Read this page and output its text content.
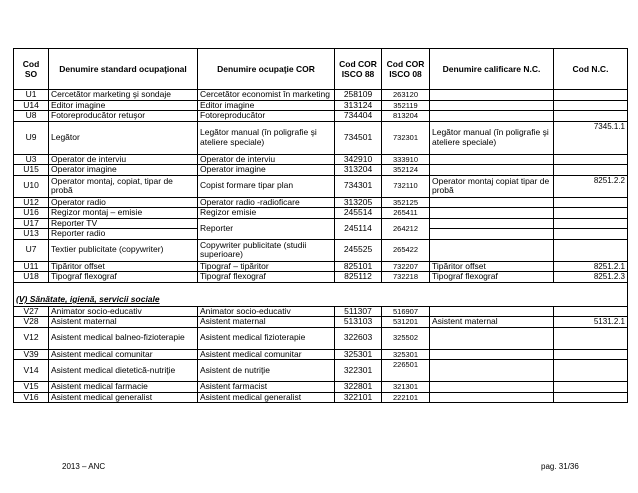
Cod SO	Denumire standard ocupaţional	Denumire ocupaţie COR	Cod COR ISCO 88	Cod COR ISCO 08	Denumire calificare N.C.	Cod N.C.
U1	Cercetător marketing şi sondaje	Cercetător economist în marketing	258109	263120		
U14	Editor imagine	Editor imagine	313124	352119		
U8	Fotoreproducător retuşor	Fotoreproducător	734404	813204		
U9	Legător	Legător manual (în poligrafie şi ateliere speciale)	734501	732301	Legător manual (în poligrafie şi ateliere speciale)	7345.1.1
U3	Operator de interviu	Operator de interviu	342910	333910		
U15	Operator imagine	Operator imagine	313204	352124		
U10	Operator montaj, copiat, tipar de probă	Copist formare tipar plan	734301	732110	Operator montaj copiat tipar de probă	8251.2.2
U12	Operator radio	Operator radio -radioficare	313205	352125		
U16	Regizor montaj – emisie	Regizor emisie	245514	265411		
U17	Reporter TV	Reporter	245114	264212		
U13	Reporter radio					
U7	Textier publicitate (copywriter)	Copywriter publicitate (studii superioare)	245525	265422		
U11	Tipăritor offset	Tipograf – tipăritor	825101	732207	Tipăritor offset	8251.2.1
U18	Tipograf flexograf	Tipograf flexograf	825112	732218	Tipograf flexograf	8251.2.3
(V) Sănătate, igienă, servicii sociale						
V27	Animator socio-educativ	Animator socio-educativ	511307	516907		
V28	Asistent maternal	Asistent maternal	513103	531201	Asistent maternal	5131.2.1
V12	Asistent medical balneo-fizioterapie	Asistent medical fizioterapie	322603	325502		
V39	Asistent medical comunitar	Asistent medical comunitar	325301	325301		
V14	Asistent medical dietetică-nutriţie	Asistent de nutriţie	322301	226501		
V15	Asistent medical farmacie	Asistent farmacist	322801	321301		
V16	Asistent medical generalist	Asistent medical generalist	322101	222101		
2013 – ANC	pag. 31/36
